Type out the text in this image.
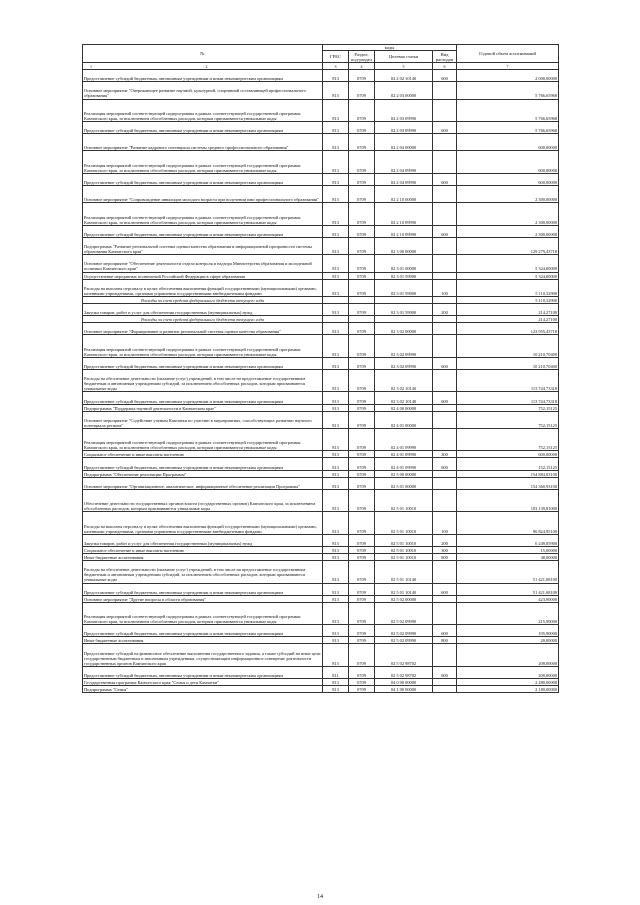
№	коды				Годовой объем ассигнований
	ГРБС	Раздел, под-раздел	Целевая статья	Вид расходов	

1 2	3	4	5	6	7
Предоставление субсидий бюджетным, автономным учреждениям и иным некоммерческим организациям	813	0709	02 2 02 10140	600	2 000,00000
Основное мероприятие "Опережающее развитие научной, культурной, спортивной составляющей профессионального образования"	813	0709	02 2 03 00000		5 766,65968
Реализация мероприятий соответствующей подпрограммы в рамках соответствующей государственной программы Камчатского края, за исключением обособленных расходов, которым присваиваются уникальные коды	813	0709	02 2 03 09990		5 766,65968
Предоставление субсидий бюджетным, автономным учреждениям и иным некоммерческим организациям	813	0709	02 2 03 09990	600	5 766,65968
Основное мероприятие "Развитие кадрового потенциала системы среднего профессионального образования"	813	0709	02 2 04 00000		600,00000
Реализация мероприятий соответствующей подпрограммы в рамках соответствующей государственной программы Камчатского края, за исключением обособленных расходов, которым присваиваются уникальные коды	813	0709	02 2 04 09990		600,00000
Предоставление субсидий бюджетным, автономным учреждениям и иным некоммерческим организациям	813	0709	02 2 04 09990	600	600,00000
Основное мероприятие "Сопровождение инвалидов молодого возраста при получении ими профессионального образования"	813	0709	02 2 10 00000		2 300,00000
Реализация мероприятий соответствующей подпрограммы в рамках соответствующей государственной программы Камчатского края, за исключением обособленных расходов, которым присваиваются уникальные коды	813	0709	02 2 10 09990		2 300,00000
Предоставление субсидий бюджетным, автономным учреждениям и иным некоммерческим организациям	813	0709	02 2 10 09990	600	2 300,00000
Подпрограмма "Развитие региональной системы оценки качества образования и информационной прозрачности системы образования Камчатского края"	813	0709	02 3 00 00000		129 279,43718
Основное мероприятие "Обеспечение деятельности отдела контроля и надзора Министерства образования и молодежной политики Камчатского края"	813	0709	02 3 01 00000		5 324,00000
Осуществление переданных полномочий Российской Федерации в сфере образования	813	0709	02 3 01 59900		5 324,00000
Расходы на выплаты персоналу в целях обеспечения выполнения функций государственными (муниципальными) органами, казенными учреждениями, органами управления государственными внебюджетными фондами	813	0709	02 3 01 59900	100	5 110,32900
Расходы за счет средств федерального бюджета текущего года					5 110,32900
Закупка товаров, работ и услуг для обеспечения государственных (муниципальных) нужд	813	0709	02 3 01 59900	200	214,27100
Расходы за счет средств федерального бюджета текущего года					214,27100
Основное мероприятие "Формирование и развитие региональной системы оценки качества образования"	813	0709	02 3 02 00000		123 955,43718
Реализация мероприятий соответствующей подпрограммы в рамках соответствующей государственной программы Камчатского края, за исключением обособленных расходов, которым присваиваются уникальные коды	813	0709	02 3 02 09990		10 210,70400
Предоставление субсидий бюджетным, автономным учреждениям и иным некоммерческим организациям	813	0709	02 3 02 09990	600	10 210,70400
Расходы на обеспечение деятельности (оказание услуг) учреждений, в том числе на предоставление государственным бюджетным и автономным учреждениям субсидий, за исключением обособленных расходов, которым присваиваются уникальные коды	813	0709	02 3 02 10140		113 744,73318
Предоставление субсидий бюджетным, автономным учреждениям и иным некоммерческим организациям	813	0709	02 3 02 10140	600	113 744,73318
Подпрограмма "Поддержка научной деятельности в Камчатском крае"	813	0709	02 4 00 00000		752,15125
Основное мероприятие "Содействие ученым Камчатки по участию в мероприятиях, способствующих развитию научного потенциала региона"	813	0709	02 4 01 00000		752,15125
Реализация мероприятий соответствующей подпрограммы в рамках соответствующей государственной программы Камчатского края, за исключением обособленных расходов, которым присваиваются уникальные коды	813	0709	02 4 01 09990		752,15125
Социальное обеспечение и иные выплаты населению	813	0709	02 4 01 09990	300	600,00000
Предоставление субсидий бюджетным, автономным учреждениям и иным некоммерческим организациям	813	0709	02 4 01 09990	600	152,15125
Подпрограмма "Обеспечение реализации Программы"	813	0709	02 5 00 00000		154 884,03100
Основное мероприятие "Организационное, аналитическое, информационное обеспечение реализации Программы"	813	0709	02 5 01 00000		154 360,93100
Обеспечение деятельности государственных органов власти (государственных органов) Камчатского края, за исключением обособленных расходов, которым присваиваются уникальные коды	813	0709	02 5 01 10010		103 139,81000
Расходы на выплаты персоналу в целях обеспечения выполнения функций государственными (муниципальными) органами, казенными учреждениями, органами управления государственными внебюджетными фондами	813	0709	02 5 01 10010	100	96 824,95100
Закупка товаров, работ и услуг для обеспечения государственных (муниципальных) нужд	813	0709	02 5 01 10010	200	6 249,85900
Социальное обеспечение и иные выплаты населению	813	0709	02 5 01 10010	300	15,00000
Иные бюджетные ассигнования	813	0709	02 5 01 10010	800	48,00000
Расходы на обеспечение деятельности (оказание услуг) учреждений, в том числе на предоставление государственным бюджетным и автономным учреждениям субсидий, за исключением обособленных расходов, которым присваиваются уникальные коды	813	0709	02 5 01 10140		51 421,08100
Предоставление субсидий бюджетным, автономным учреждениям и иным некоммерческим организациям	813	0709	02 5 01 10140	600	51 421,08100
Основное мероприятие "Другие вопросы в области образования"	813	0709	02 5 02 00000		423,90000
Реализация мероприятий соответствующей подпрограммы в рамках соответствующей государственной программы Камчатского края, за исключением обособленных расходов, которым присваиваются уникальные коды	813	0709	02 5 02 09990		215,90000
Предоставление субсидий бюджетным, автономным учреждениям и иным некоммерческим организациям	813	0709	02 5 02 09990	600	195,90000
Иные бюджетные ассигнования	813	0709	02 5 02 09990	800	20,00000
Предоставление субсидий на финансовое обеспечение выполнения государственного задания, а также субсидий на иные цели государственным бюджетным и автономным учреждениям, осуществляющим информационное освещение деятельности государственных органов Камчатского края	813	0709	02 5 02 98702		208,00000
Предоставление субсидий бюджетным, автономным учреждениям и иным некоммерческим организациям	811	0709	02 5 02 98702	600	208,00000
Государственная программа Камчатского края "Семья и дети Камчатки"	813	0709	04 0 00 00000		2 480,00000
Подпрограмма "Семья"	813	0709	04 1 00 00000		2 180,00000
14
